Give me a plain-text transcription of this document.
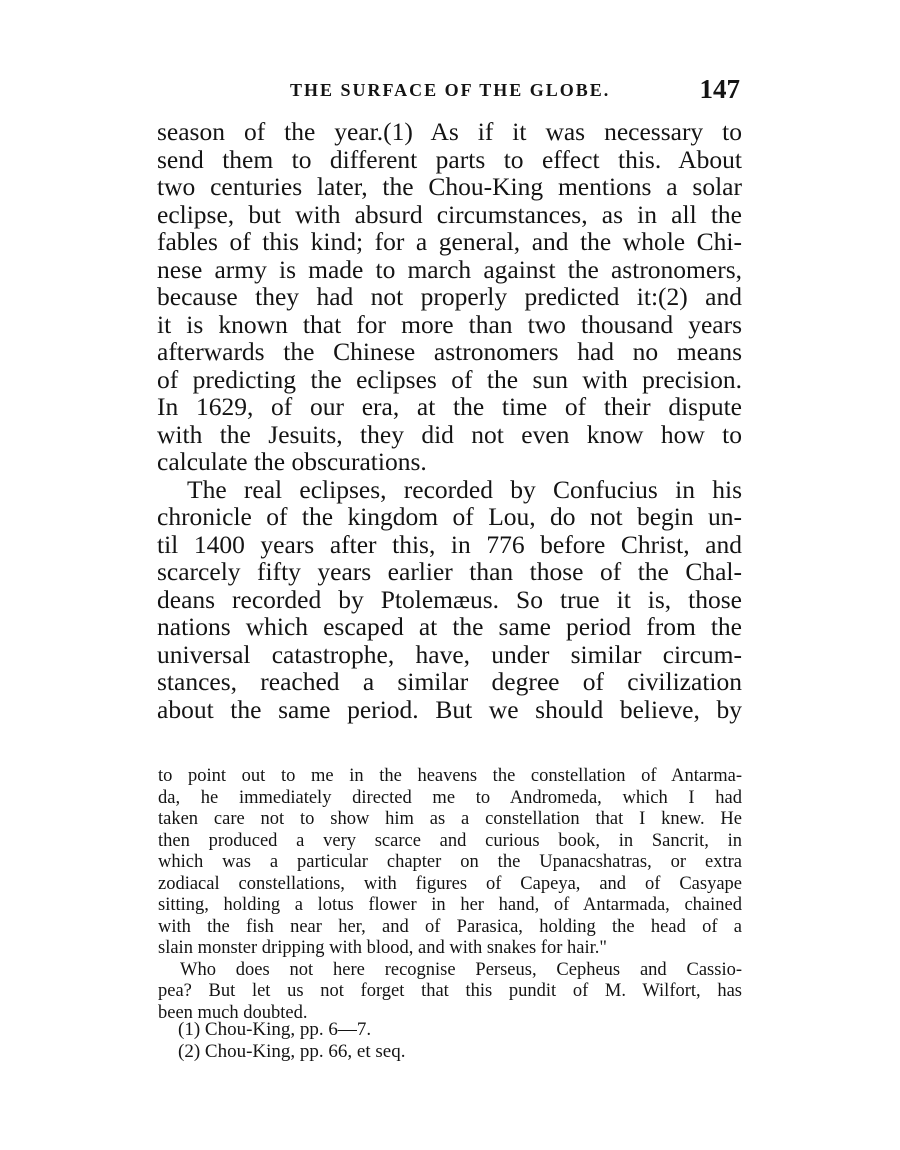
THE SURFACE OF THE GLOBE.	147
season of the year.(1) As if it was necessary to
send them to different parts to effect this. About
two centuries later, the Chou-King mentions a solar
eclipse, but with absurd circumstances, as in all the
fables of this kind; for a general, and the whole Chi-
nese army is made to march against the astronomers,
because they had not properly predicted it:(2) and
it is known that for more than two thousand years
afterwards the Chinese astronomers had no means
of predicting the eclipses of the sun with precision.
In 1629, of our era, at the time of their dispute
with the Jesuits, they did not even know how to
calculate the obscurations.
The real eclipses, recorded by Confucius in his
chronicle of the kingdom of Lou, do not begin un-
til 1400 years after this, in 776 before Christ, and
scarcely fifty years earlier than those of the Chal-
deans recorded by Ptolemæus. So true it is, those
nations which escaped at the same period from the
universal catastrophe, have, under similar circum-
stances, reached a similar degree of civilization
about the same period. But we should believe, by
to point out to me in the heavens the constellation of Antarma-
da, he immediately directed me to Andromeda, which I had
taken care not to show him as a constellation that I knew. He
then produced a very scarce and curious book, in Sancrit, in
which was a particular chapter on the Upanacshatras, or extra
zodiacal constellations, with figures of Capeya, and of Casyape
sitting, holding a lotus flower in her hand, of Antarmada, chained
with the fish near her, and of Parasica, holding the head of a
slain monster dripping with blood, and with snakes for hair."
Who does not here recognise Perseus, Cepheus and Cassio-
pea? But let us not forget that this pundit of M. Wilfort, has
been much doubted.
(1) Chou-King, pp. 6—7.
(2) Chou-King, pp. 66, et seq.
